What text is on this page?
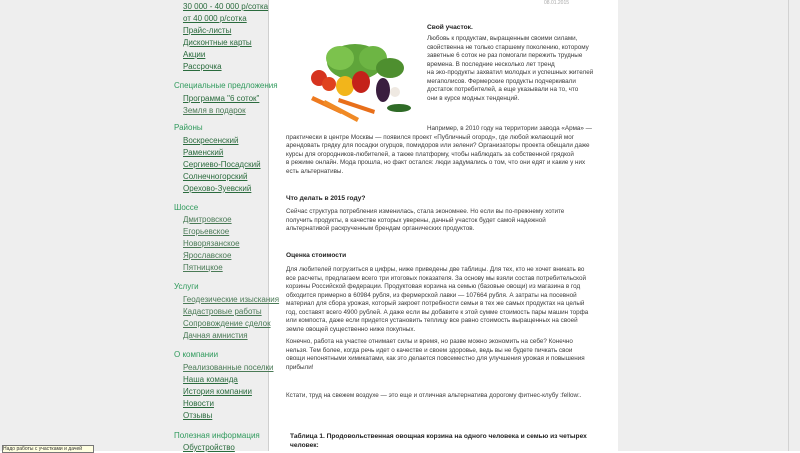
08.01.2015
30 000 - 40 000 р/сотка
от 40 000 р/сотка
Прайс-листы
Дисконтные карты
Акции
Рассрочка
Специальные предложения
Программа "6 соток"
Земля в подарок
Районы
Воскресенский
Раменский
Сергиево-Посадский
Солнечногорский
Орехово-Зуевский
Шоссе
Дмитровское
Егорьевское
Новорязанское
Ярославское
Пятницкое
Услуги
Геодезические изыскания
Кадастровые работы
Сопровождение сделок
Дачная амнистия
О компании
Реализованные поселки
Наша команда
История компании
Новости
Отзывы
Полезная информация
Обустройство
Свой участок.
Любовь к продуктам, выращенным своими силами,
свойственна не только старшему поколению, которому
заветные 6 соток не раз помогали пережить трудные
времена. В последние несколько лет тренд
на эко-продукты захватил молодых и успешных жителей
мегаполисов. Фермерские продукты подчеркивали
достаток потребителей, а еще указывали на то, что
они в курсе модных тенденций.
Например, в 2010 году на территории завода «Арма» —
практически в центре Москвы — появился проект «Публичный огород», где любой желающий мог
арендовать грядку для посадки огурцов, помидоров или зелени? Организаторы проекта обещали даже
курсы для огородников-любителей, а также платформу, чтобы наблюдать за собственной грядкой
в режиме онлайн. Мода прошла, но факт остался: люди задумались о том, что они едят и какие у них
есть альтернативы.
Что делать в 2015 году?
Сейчас структура потребления изменилась, стала экономнее. Но если вы по-прежнему хотите
получить продукты, в качестве которых уверены, дачный участок будет самой надежной
альтернативой раскрученным брендам органических продуктов.
Оценка стоимости
Для любителей погрузиться в цифры, ниже приведены две таблицы. Для тех, кто не хочет вникать во
все расчеты, предлагаем всего три итоговых показателя. За основу мы взяли состав потребительской
корзины Российской федерации. Продуктовая корзина на семью (базовые овощи) из магазина в год
обходится примерно в 60984 рубля, из фермерской лавки — 107664 рубля. А затраты на посевной
материал для сбора урожая, который закроет потребности семьи в тех же самых продуктах на целый
год, составят всего 4900 рублей. А даже если вы добавите к этой сумме стоимость пары машин торфа
или компоста, даже если придется установить теплицу все равно стоимость выращенных на своей
земле овощей существенно ниже покупных.
Конечно, работа на участке отнимает силы и время, но разве можно экономить на себе? Конечно
нельзя. Тем более, когда речь идет о качестве и своем здоровье, ведь вы не будете пичкать свои
овощи непонятными химикатами, как это делается повсеместно для улучшения урожая и повышения
прибыли!
Кстати, труд на свежем воздухе — это еще и отличная альтернатива дорогому фитнес-клубу :fellow:.
Таблица 1. Продовольственная овощная корзина на одного человека и семью из четырех
человек:
Надо работы с участками и дачей
